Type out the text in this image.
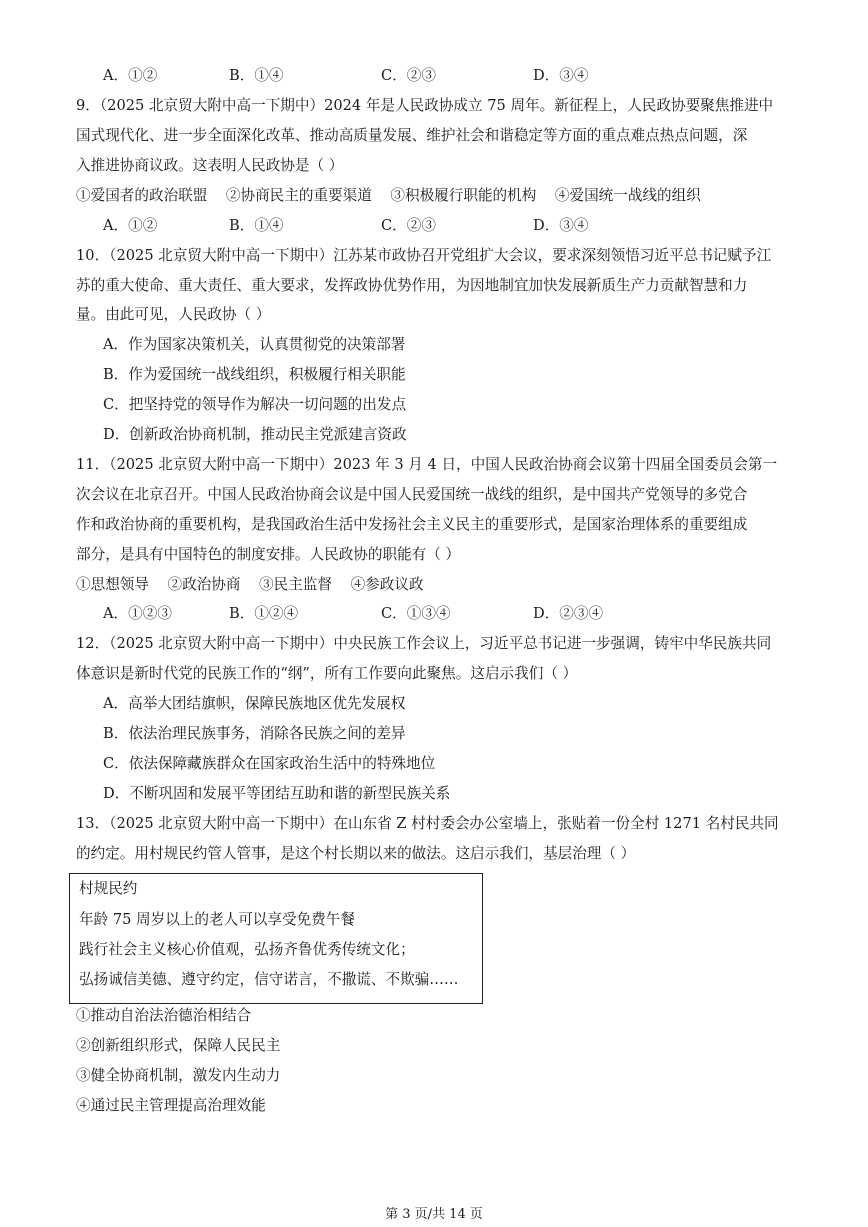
A．①②	B．①④	C．②③	D．③④
9．（2025 北京贸大附中高一下期中）2024 年是人民政协成立 75 周年。新征程上，人民政协要聚焦推进中
国式现代化、进一步全面深化改革、推动高质量发展、维护社会和谐稳定等方面的重点难点热点问题，深
入推进协商议政。这表明人民政协是（ ）
①爱国者的政治联盟    ②协商民主的重要渠道    ③积极履行职能的机构    ④爱国统一战线的组织
A．①②	B．①④	C．②③	D．③④
10．（2025 北京贸大附中高一下期中）江苏某市政协召开党组扩大会议，要求深刻领悟习近平总书记赋予江
苏的重大使命、重大责任、重大要求，发挥政协优势作用，为因地制宜加快发展新质生产力贡献智慧和力
量。由此可见，人民政协（ ）
A．作为国家决策机关，认真贯彻党的决策部署
B．作为爱国统一战线组织，积极履行相关职能
C．把坚持党的领导作为解决一切问题的出发点
D．创新政治协商机制，推动民主党派建言资政
11．（2025 北京贸大附中高一下期中）2023 年 3 月 4 日，中国人民政治协商会议第十四届全国委员会第一
次会议在北京召开。中国人民政治协商会议是中国人民爱国统一战线的组织，是中国共产党领导的多党合
作和政治协商的重要机构，是我国政治生活中发扬社会主义民主的重要形式，是国家治理体系的重要组成
部分，是具有中国特色的制度安排。人民政协的职能有（ ）
①思想领导    ②政治协商    ③民主监督    ④参政议政
A．①②③	B．①②④	C．①③④	D．②③④
12．（2025 北京贸大附中高一下期中）中央民族工作会议上，习近平总书记进一步强调，铸牢中华民族共同
体意识是新时代党的民族工作的“纲”，所有工作要向此聚焦。这启示我们（ ）
A．高举大团结旗帜，保障民族地区优先发展权
B．依法治理民族事务，消除各民族之间的差异
C．依法保障藏族群众在国家政治生活中的特殊地位
D．不断巩固和发展平等团结互助和谐的新型民族关系
13．（2025 北京贸大附中高一下期中）在山东省 Z 村村委会办公室墙上，张贴着一份全村 1271 名村民共同
的约定。用村规民约管人管事，是这个村长期以来的做法。这启示我们，基层治理（ ）
村规民约
年龄 75 周岁以上的老人可以享受免费午餐
践行社会主义核心价值观，弘扬齐鲁优秀传统文化；
弘扬诚信美德、遵守约定，信守诺言，不撒谎、不欺骗……
①推动自治法治德治相结合
②创新组织形式，保障人民民主
③健全协商机制，激发内生动力
④通过民主管理提高治理效能
第 3 页/共 14 页
